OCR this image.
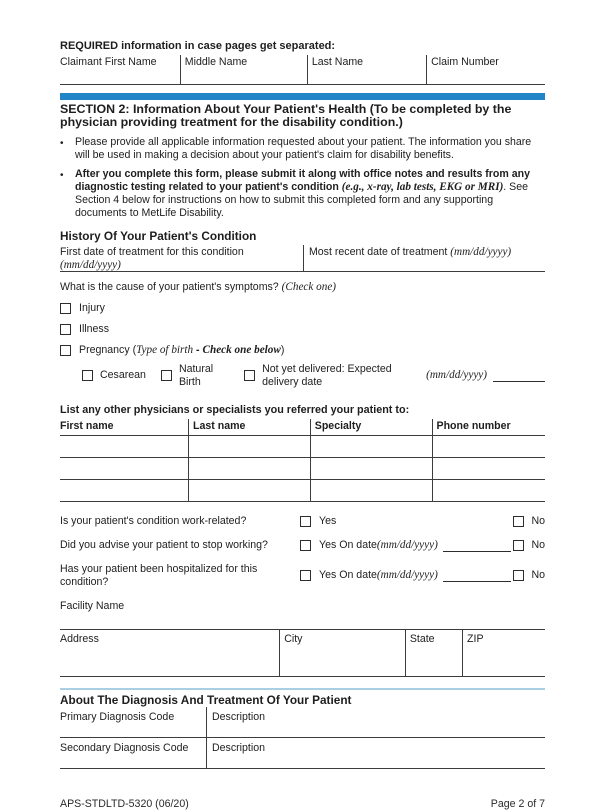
REQUIRED information in case pages get separated:
Claimant First Name	Middle Name	Last Name	Claim Number
SECTION 2: Information About Your Patient's Health (To be completed by the physician providing treatment for the disability condition.)
•	Please provide all applicable information requested about your patient. The information you share will be used in making a decision about your patient's claim for disability benefits.
•	After you complete this form, please submit it along with office notes and results from any diagnostic testing related to your patient's condition (e.g., x-ray, lab tests, EKG or MRI). See Section 4 below for instructions on how to submit this completed form and any supporting documents to MetLife Disability.
History Of Your Patient's Condition
First date of treatment for this condition (mm/dd/yyyy)
Most recent date of treatment (mm/dd/yyyy)
What is the cause of your patient's symptoms? (Check one)
Injury
Illness
Pregnancy (Type of birth - Check one below)
Cesarean
Natural Birth
Not yet delivered: Expected delivery date
(mm/dd/yyyy)
List any other physicians or specialists you referred your patient to:
First name	Last name	Specialty	Phone number
Is your patient's condition work-related?	Yes	No
Did you advise your patient to stop working?	Yes On date (mm/dd/yyyy)	No
Has your patient been hospitalized for this condition?
Yes On date (mm/dd/yyyy)	No
Facility Name
Address	City	State	ZIP
About The Diagnosis And Treatment Of Your Patient
Primary Diagnosis Code	Description
Secondary Diagnosis Code	Description
APS-STDLTD-5320 (06/20)	Page 2 of 7
